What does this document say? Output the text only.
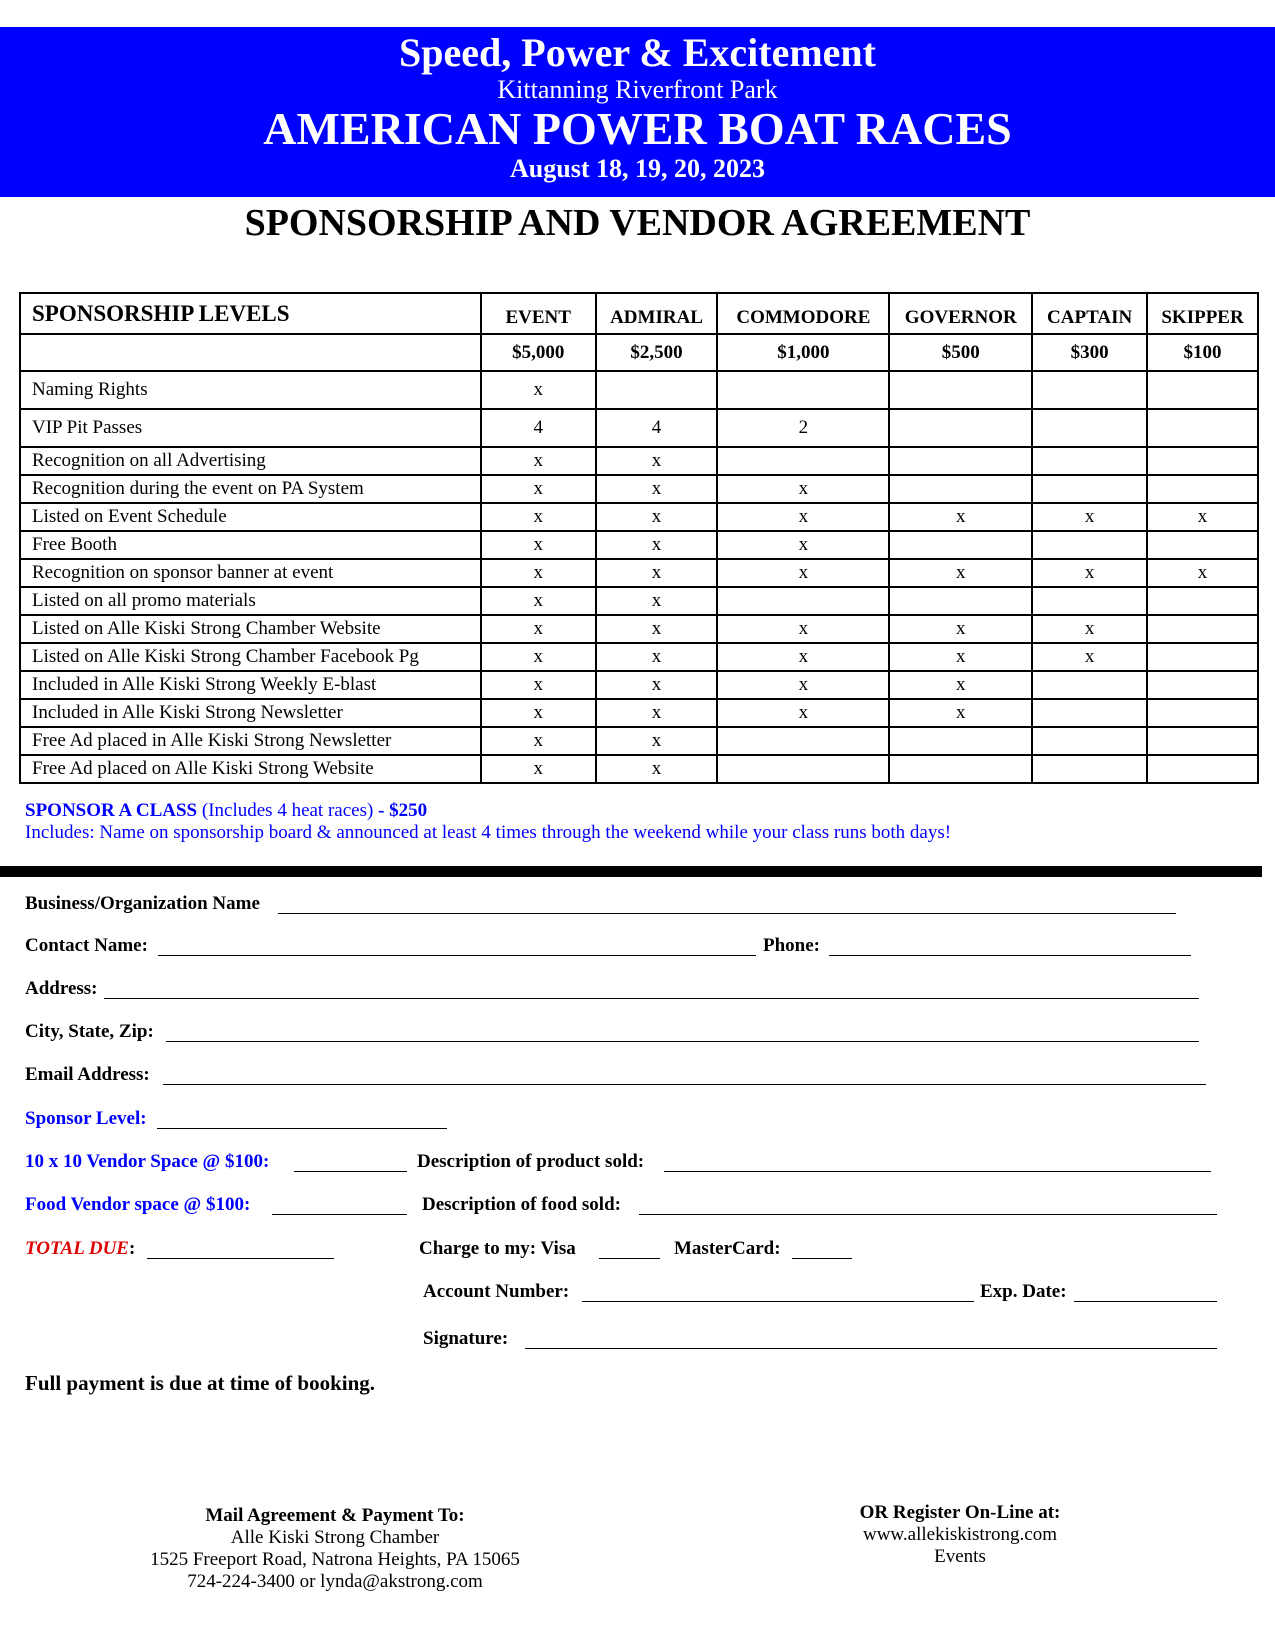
Speed, Power & Excitement
Kittanning Riverfront Park
AMERICAN POWER BOAT RACES
August 18, 19, 20, 2023
SPONSORSHIP AND VENDOR AGREEMENT
SPONSORSHIP LEVELS	EVENT	ADMIRAL	COMMODORE	GOVERNOR	CAPTAIN	SKIPPER
	$5,000	$2,500	$1,000	$500	$300	$100
Naming Rights	x					
VIP Pit Passes	4	4	2			
Recognition on all Advertising	x	x				
Recognition during the event on PA System	x	x	x			
Listed on Event Schedule	x	x	x	x	x	x
Free Booth	x	x	x			
Recognition on sponsor banner at event	x	x	x	x	x	x
Listed on all promo materials	x	x				
Listed on Alle Kiski Strong Chamber Website	x	x	x	x	x	
Listed on Alle Kiski Strong Chamber Facebook Pg	x	x	x	x	x	
Included in Alle Kiski Strong Weekly E-blast	x	x	x	x		
Included in Alle Kiski Strong Newsletter	x	x	x	x		
Free Ad placed in Alle Kiski Strong Newsletter	x	x				
Free Ad placed on Alle Kiski Strong Website	x	x				
SPONSOR A CLASS (Includes 4 heat races) - $250
Includes: Name on sponsorship board & announced at least 4 times through the weekend while your class runs both days!
Business/Organization Name
Contact Name:	Phone:
Address:
City, State, Zip:
Email Address:
Sponsor Level:
10 x 10 Vendor Space @ $100:	Description of product sold:
Food Vendor space @ $100:	Description of food sold:
TOTAL DUE:	Charge to my: Visa	MasterCard:
Account Number:	Exp. Date:
Signature:
Full payment is due at time of booking.
Mail Agreement & Payment To:
Alle Kiski Strong Chamber
1525 Freeport Road, Natrona Heights, PA 15065
724-224-3400 or lynda@akstrong.com
OR Register On-Line at:
www.allekiskistrong.com
Events
